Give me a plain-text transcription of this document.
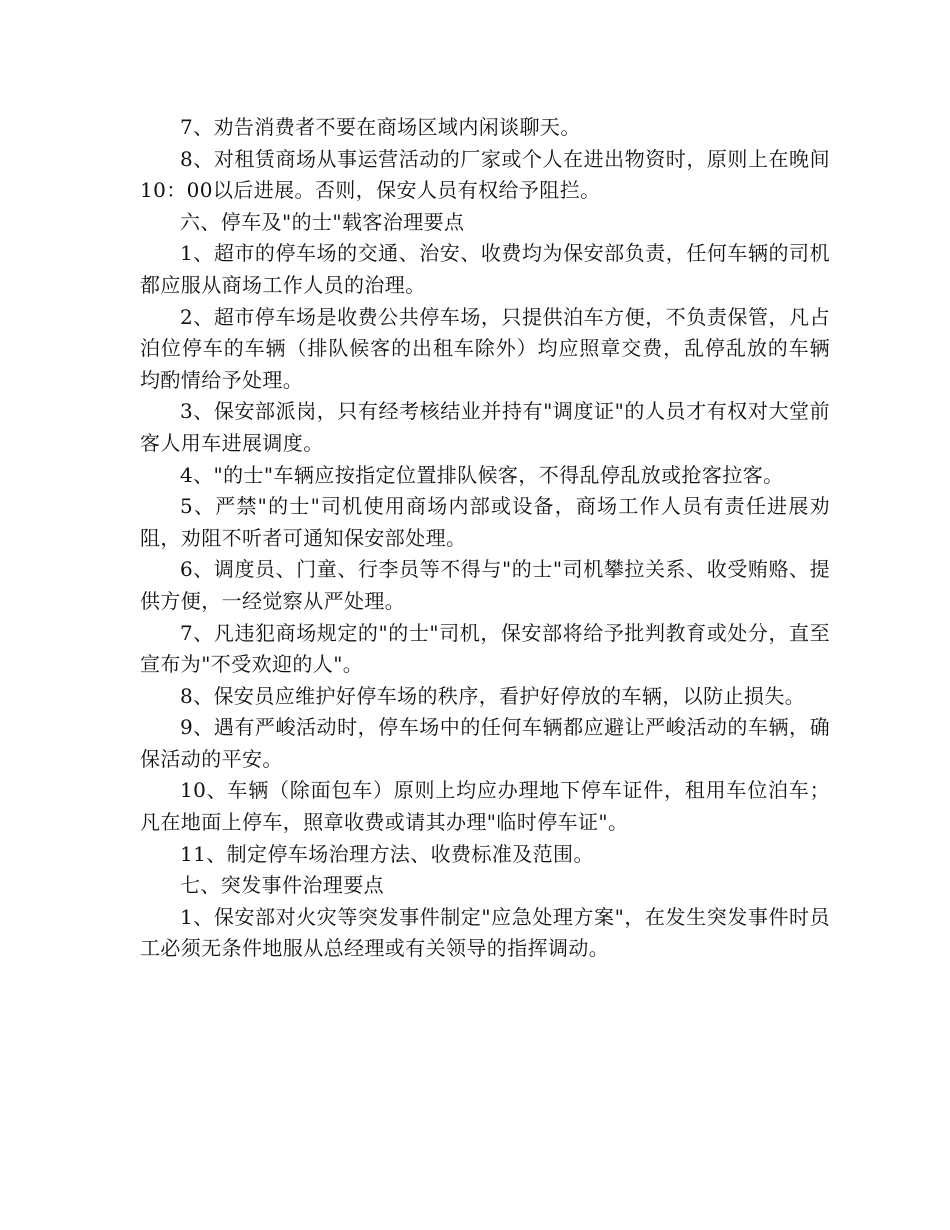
7、劝告消费者不要在商场区域内闲谈聊天。

8、对租赁商场从事运营活动的厂家或个人在进出物资时，原则上在晚间10：00以后进展。否则，保安人员有权给予阻拦。

六、停车及"的士"载客治理要点

1、超市的停车场的交通、治安、收费均为保安部负责，任何车辆的司机都应服从商场工作人员的治理。

2、超市停车场是收费公共停车场，只提供泊车方便，不负责保管，凡占泊位停车的车辆（排队候客的出租车除外）均应照章交费，乱停乱放的车辆均酌情给予处理。

3、保安部派岗，只有经考核结业并持有"调度证"的人员才有权对大堂前客人用车进展调度。

4、"的士"车辆应按指定位置排队候客，不得乱停乱放或抢客拉客。

5、严禁"的士"司机使用商场内部或设备，商场工作人员有责任进展劝阻，劝阻不听者可通知保安部处理。

6、调度员、门童、行李员等不得与"的士"司机攀拉关系、收受贿赂、提供方便，一经觉察从严处理。

7、凡违犯商场规定的"的士"司机，保安部将给予批判教育或处分，直至宣布为"不受欢迎的人"。

8、保安员应维护好停车场的秩序，看护好停放的车辆，以防止损失。

9、遇有严峻活动时，停车场中的任何车辆都应避让严峻活动的车辆，确保活动的平安。

10、车辆（除面包车）原则上均应办理地下停车证件，租用车位泊车；凡在地面上停车，照章收费或请其办理"临时停车证"。

11、制定停车场治理方法、收费标准及范围。

七、突发事件治理要点

1、保安部对火灾等突发事件制定"应急处理方案"，在发生突发事件时员工必须无条件地服从总经理或有关领导的指挥调动。
